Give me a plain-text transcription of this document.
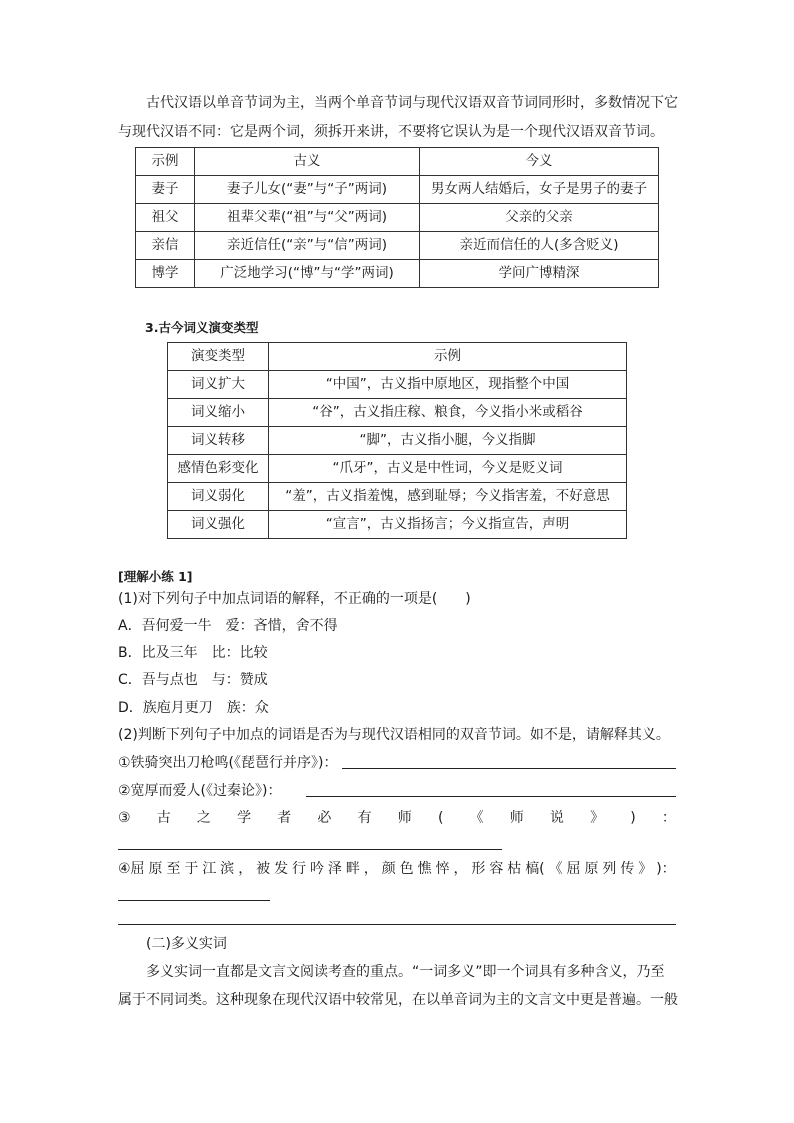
古代汉语以单音节词为主，当两个单音节词与现代汉语双音节词同形时，多数情况下它

与现代汉语不同：它是两个词，须拆开来讲，不要将它误认为是一个现代汉语双音节词。

示例	古义	今义
妻子	妻子儿女(“妻”与“子”两词)	男女两人结婚后，女子是男子的妻子
祖父	祖辈父辈(“祖”与“父”两词)	父亲的父亲
亲信	亲近信任(“亲”与“信”两词)	亲近而信任的人(多含贬义)
博学	广泛地学习(“博”与“学”两词)	学问广博精深
3.古今词义演变类型
演变类型	示例
词义扩大	“中国”，古义指中原地区，现指整个中国
词义缩小	“谷”，古义指庄稼、粮食，今义指小米或稻谷
词义转移	“脚”，古义指小腿，今义指脚
感情色彩变化	“爪牙”，古义是中性词，今义是贬义词
词义弱化	“羞”，古义指羞愧，感到耻辱；今义指害羞，不好意思
词义强化	“宣言”，古义指扬言；今义指宣告，声明
[理解小练 1]
(1)对下列句子中加点词语的解释，不正确的一项是(　　)
A．吾何爱一牛　爱：吝惜，舍不得
B．比及三年　比：比较
C．吾与点也　与：赞成
D．族庖月更刀　族：众
(2)判断下列句子中加点的词语是否为与现代汉语相同的双音节词。如不是，请解释其义。
①铁骑突出刀枪鸣(《琵琶行并序》)：
②宽厚而爱人(《过秦论》)：
③ 古 之 学 者 必 有 师 ( 《 师 说 》 ) ：
④屈 原 至 于 江 滨 ， 被 发 行 吟 泽 畔 ， 颜 色 憔 悴 ， 形 容 枯 槁( 《 屈 原 列 传 》 )：
(二)多义实词
多义实词一直都是文言文阅读考查的重点。“一词多义”即一个词具有多种含义，乃至
属于不同词类。这种现象在现代汉语中较常见，在以单音词为主的文言文中更是普遍。一般
